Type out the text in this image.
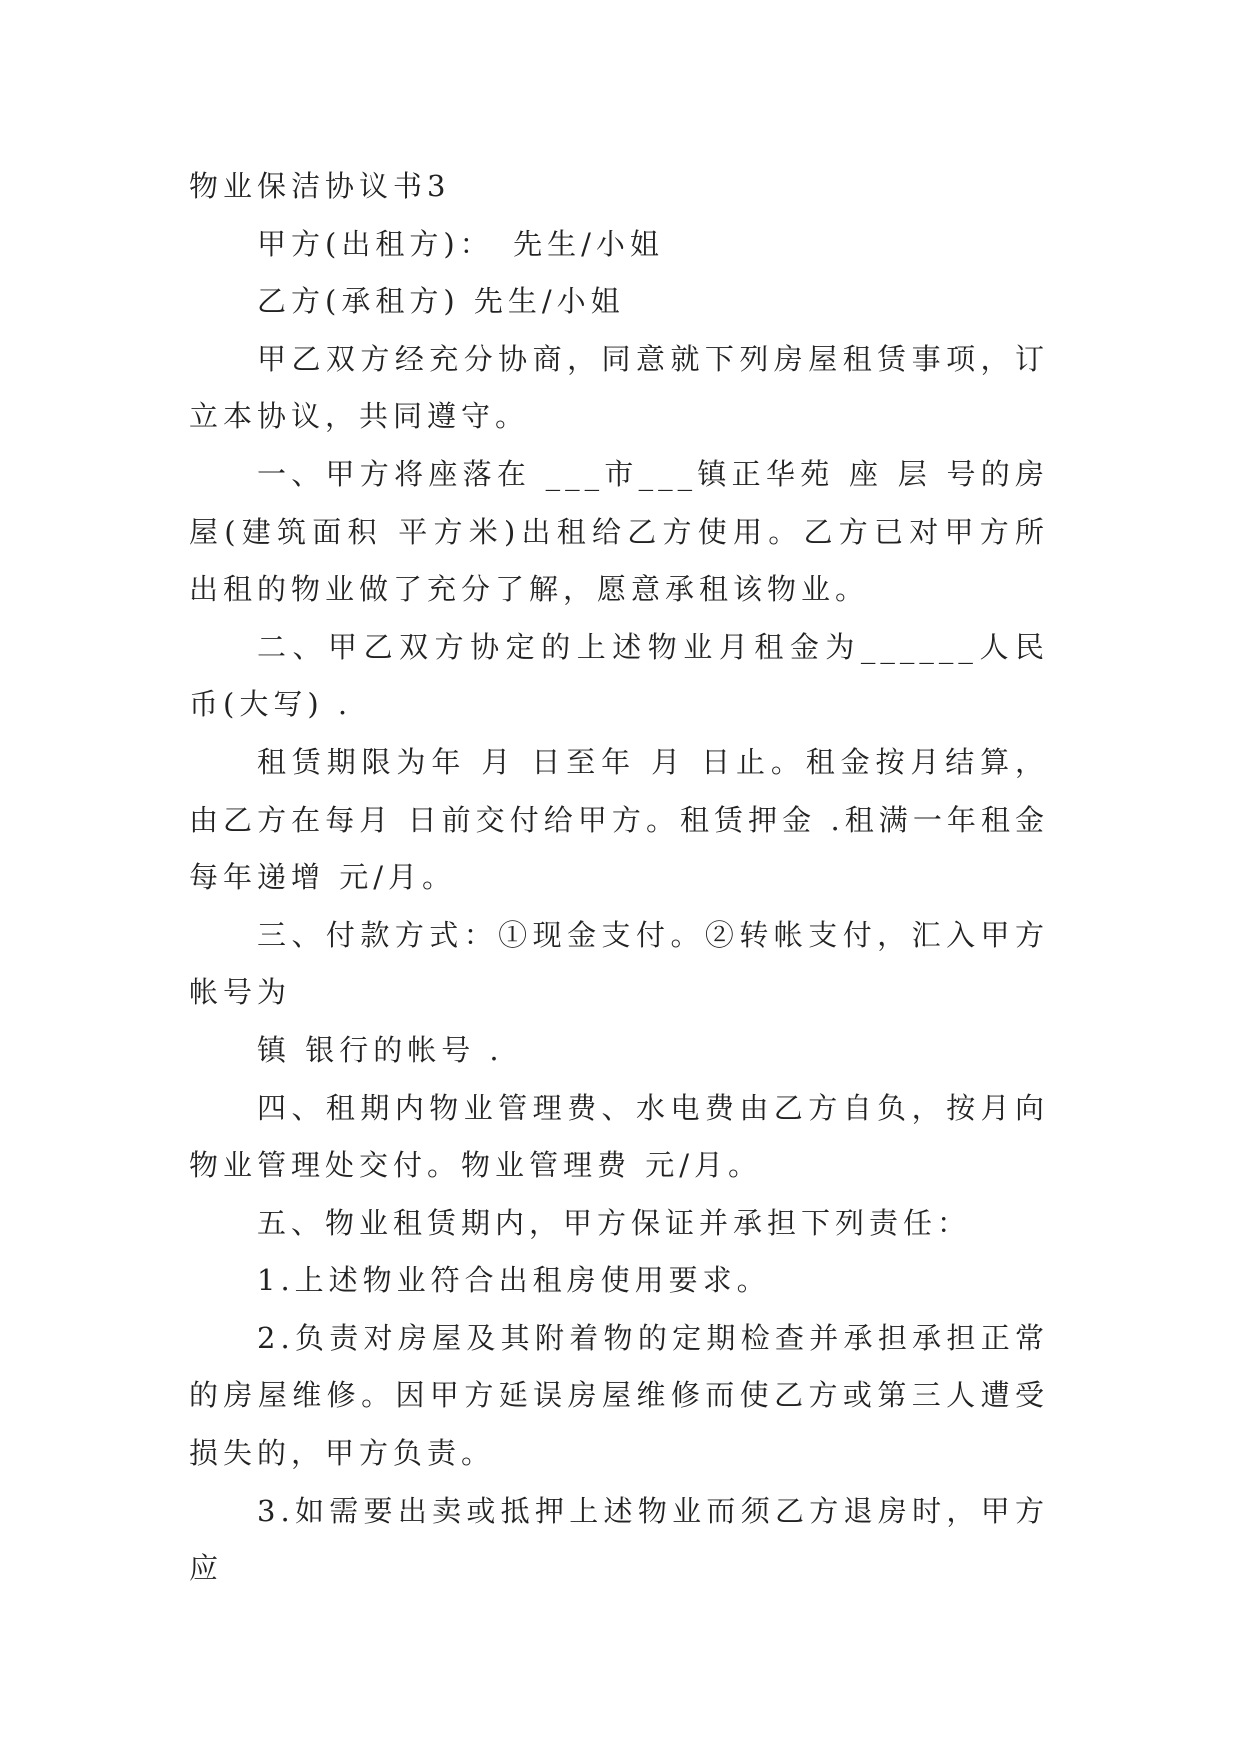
物业保洁协议书3

甲方(出租方)：　先生/小姐

乙方(承租方) 先生/小姐

甲乙双方经充分协商，同意就下列房屋租赁事项，订立本协议，共同遵守。

一、甲方将座落在 ___市___镇正华苑 座 层 号的房屋(建筑面积 平方米)出租给乙方使用。乙方已对甲方所出租的物业做了充分了解，愿意承租该物业。

二、甲乙双方协定的上述物业月租金为______人民币(大写) .

租赁期限为年 月 日至年 月 日止。租金按月结算，由乙方在每月 日前交付给甲方。租赁押金 .租满一年租金每年递增 元/月。

三、付款方式：①现金支付。②转帐支付，汇入甲方帐号为

镇 银行的帐号 .

四、租期内物业管理费、水电费由乙方自负，按月向物业管理处交付。物业管理费 元/月。

五、物业租赁期内，甲方保证并承担下列责任：

1.上述物业符合出租房使用要求。

2.负责对房屋及其附着物的定期检查并承担承担正常的房屋维修。因甲方延误房屋维修而使乙方或第三人遭受损失的，甲方负责。

3.如需要出卖或抵押上述物业而须乙方退房时，甲方应
